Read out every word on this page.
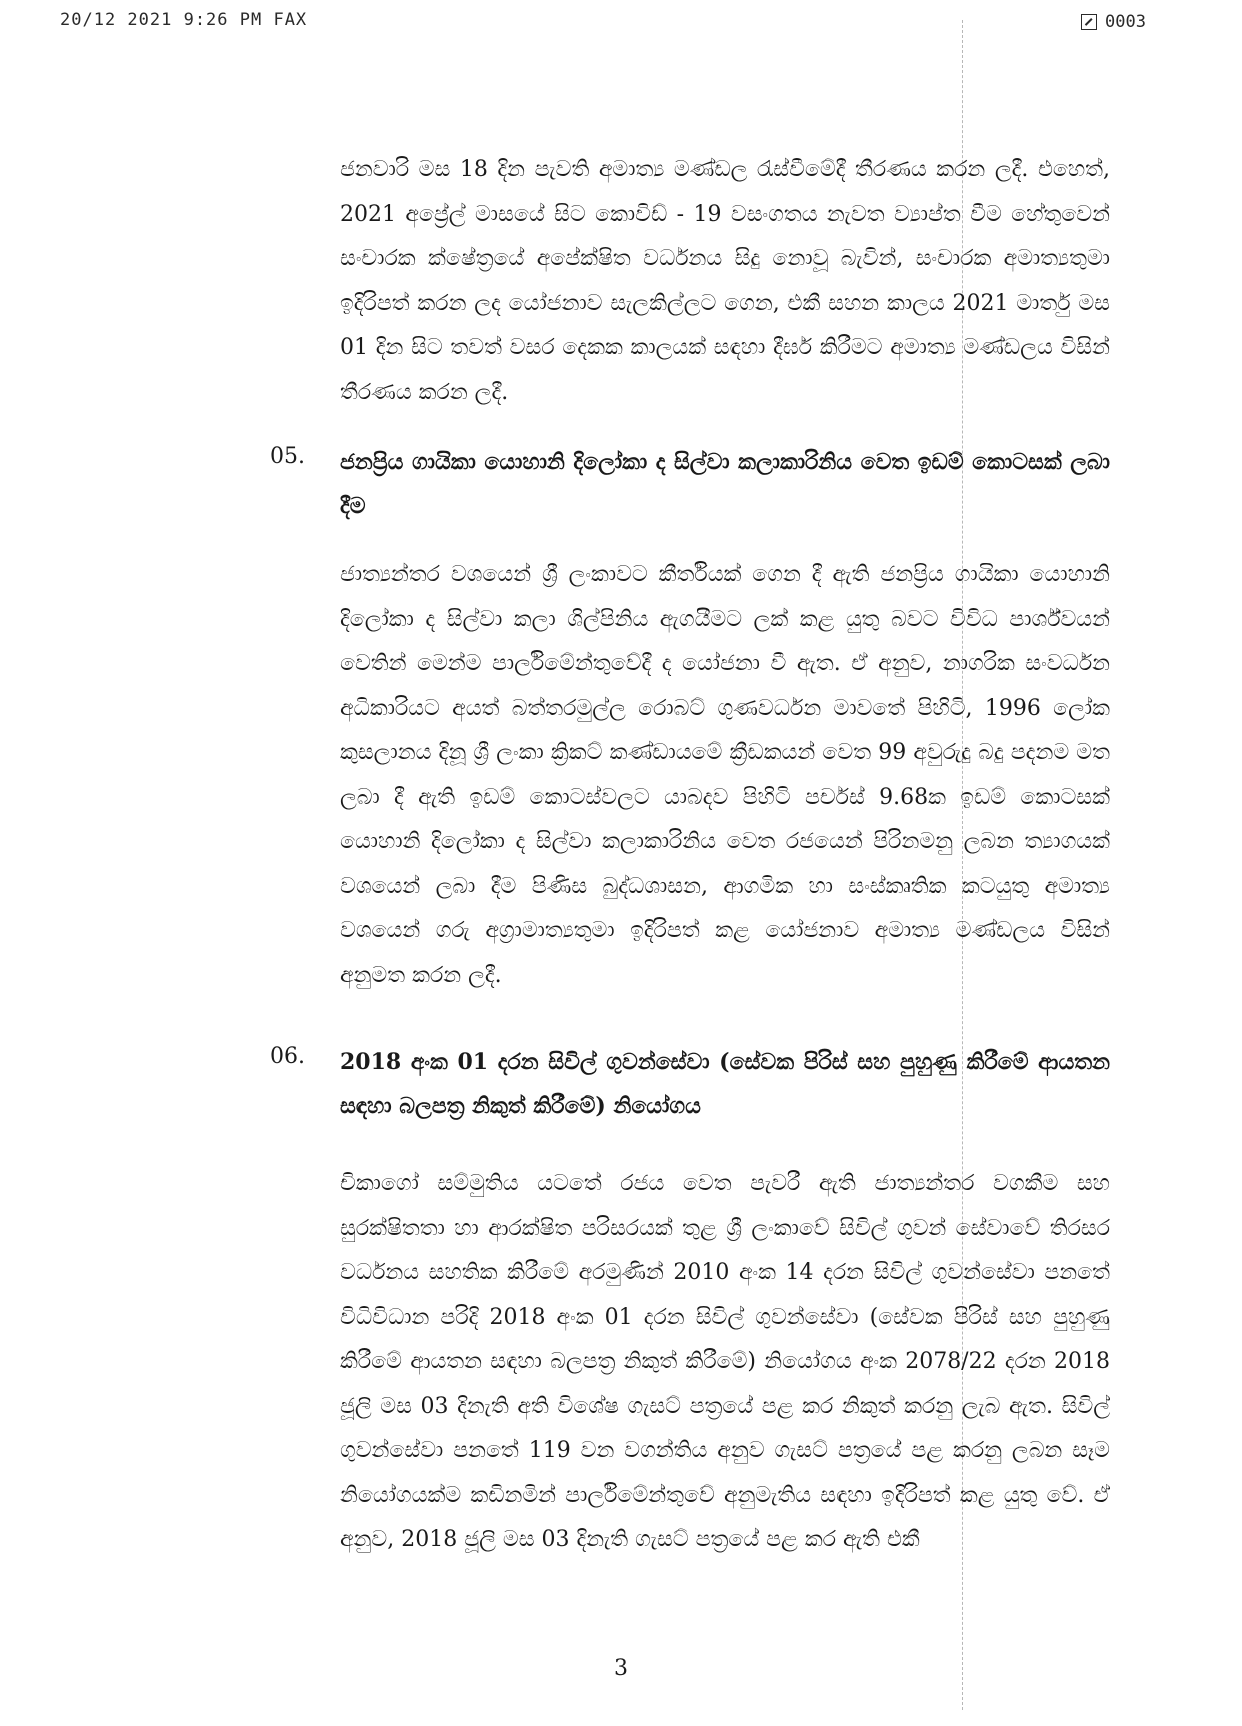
20/12 2021 9:26 PM FAX	0003
ජනවාරි මස 18 දින පැවති අමාත්‍ය මණ්ඩල රැස්වීමේදී තීරණය කරන ලදී. එහෙත්, 2021 අප්‍රේල් මාසයේ සිට කොවිඩ් - 19 වසංගතය නැවත ව්‍යාප්ත වීම හේතුවෙන් සංචාරක ක්ෂේත්‍රයේ අපේක්ෂිත වර්ධනය සිදු නොවූ බැවින්, සංචාරක අමාත්‍යතුමා ඉදිරිපත් කරන ලද යෝජනාව සැලකිල්ලට ගෙන, එකී සහන කාලය 2021 මාර්තු මස 01 දින සිට තවත් වසර දෙකක කාලයක් සඳහා දීර්ඝ කිරීමට අමාත්‍ය මණ්ඩලය විසින් තීරණය කරන ලදී.
05. ජනප්‍රිය ගායිකා යොහානි දිලෝකා ද සිල්වා කලාකාරිනිය වෙත ඉඩම් කොටසක් ලබා දීම
ජාත්‍යන්තර වශයෙන් ශ්‍රී ලංකාවට කීර්තියක් ගෙන දී ඇති ජනප්‍රිය ගායිකා යොහානි දිලෝකා ද සිල්වා කලා ශිල්පිනිය ඇගයීමට ලක් කළ යුතු බවට විවිධ පාර්ශ්වයන් වෙතින් මෙන්ම පාර්ලිමේන්තුවේදී ද යෝජනා වී ඇත. ඒ අනුව, නාගරික සංවර්ධන අධිකාරියට අයත් බත්තරමුල්ල රොබට් ගුණවර්ධන මාවතේ පිහිටි, 1996 ලෝක කුසලානය දිනූ ශ්‍රී ලංකා ක්‍රිකට් කණ්ඩායමේ ක්‍රීඩකයන් වෙත 99 අවුරුදු බදු පදනම මත ලබා දී ඇති ඉඩම් කොටස්වලට යාබදව පිහිටි පර්චස් 9.68ක ඉඩම් කොටසක් යොහානි දිලෝකා ද සිල්වා කලාකාරිනිය වෙත රජයෙන් පිරිනමනු ලබන ත්‍යාගයක් වශයෙන් ලබා දීම පිණිස බුද්ධශාසන, ආගමික හා සංස්කෘතික කටයුතු අමාත්‍ය වශයෙන් ගරු අග්‍රාමාත්‍යතුමා ඉදිරිපත් කළ යෝජනාව අමාත්‍ය මණ්ඩලය විසින් අනුමත කරන ලදී.
06. 2018 අංක 01 දරන සිවිල් ගුවන්සේවා (සේවක පිරිස් සහ පුහුණු කිරීමේ ආයතන සඳහා බලපත්‍ර නිකුත් කිරීමේ) නියෝගය
චිකාගෝ සම්මුතිය යටතේ රජය වෙත පැවරී ඇති ජාත්‍යන්තර වගකීම සහ සුරක්ෂිතතා හා ආරක්ෂිත පරිසරයක් තුළ ශ්‍රී ලංකාවේ සිවිල් ගුවන් සේවාවේ තිරසර වර්ධනය සහතික කිරීමේ අරමුණින් 2010 අංක 14 දරන සිවිල් ගුවන්සේවා පනතේ විධිවිධාන පරිදි 2018 අංක 01 දරන සිවිල් ගුවන්සේවා (සේවක පිරිස් සහ පුහුණු කිරීමේ ආයතන සඳහා බලපත්‍ර නිකුත් කිරීමේ) නියෝගය අංක 2078/22 දරන 2018 ජූලි මස 03 දිනැති අති විශේෂ ගැසට් පත්‍රයේ පළ කර නිකුත් කරනු ලැබ ඇත. සිවිල් ගුවන්සේවා පනතේ 119 වන වගන්තිය අනුව ගැසට් පත්‍රයේ පළ කරනු ලබන සෑම නියෝගයක්ම කඩිනමින් පාර්ලිමේන්තුවේ අනුමැතිය සඳහා ඉදිරිපත් කළ යුතු වේ. ඒ අනුව, 2018 ජූලි මස 03 දිනැති ගැසට් පත්‍රයේ පළ කර ඇති එකී
3
